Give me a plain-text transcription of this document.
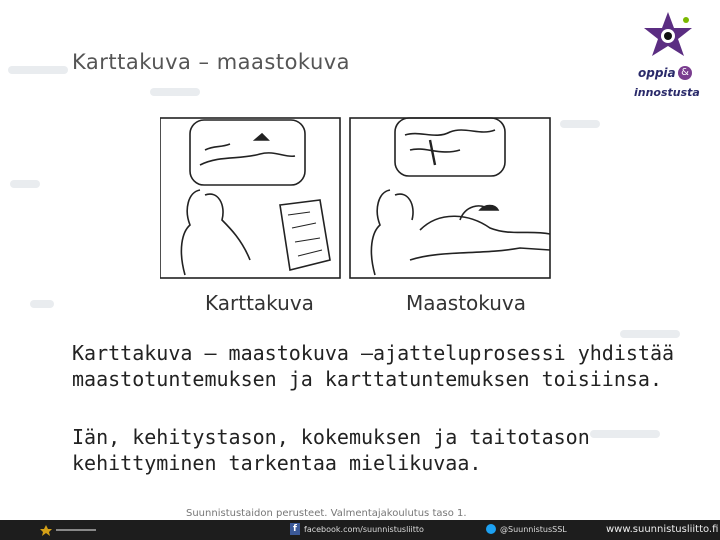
Karttakuva – maastokuva	oppia &
innostusta
Karttakuva	Maastokuva
Karttakuva – maastokuva –ajatteluprosessi yhdistää
maastotuntemuksen ja karttatuntemuksen toisiinsa.
Iän, kehitystason, kokemuksen ja taitotason
kehittyminen tarkentaa mielikuvaa.
Suunnistustaidon perusteet. Valmentajakoulutus taso 1.
f facebook.com/suunnistusliitto	@SuunnistusSSL	www.suunnistusliitto.fi
